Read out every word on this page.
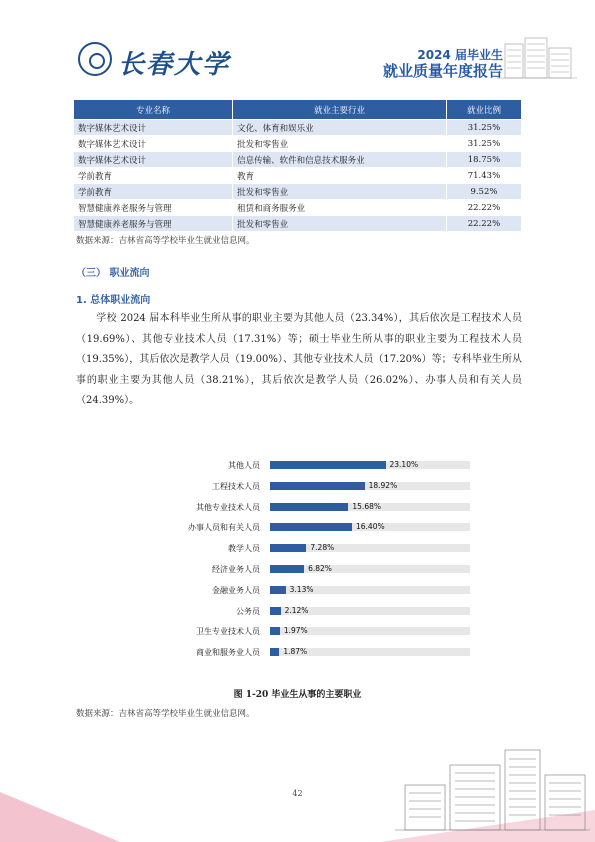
长春大学	2024 届毕业生
就业质量年度报告
专业名称	就业主要行业	就业比例
数字媒体艺术设计	文化、体育和娱乐业	31.25%
数字媒体艺术设计	批发和零售业	31.25%
数字媒体艺术设计	信息传输、软件和信息技术服务业	18.75%
学前教育	教育	71.43%
学前教育	批发和零售业	9.52%
智慧健康养老服务与管理	租赁和商务服务业	22.22%
智慧健康养老服务与管理	批发和零售业	22.22%
数据来源：吉林省高等学校毕业生就业信息网。
（三） 职业流向
1. 总体职业流向
学校 2024 届本科毕业生所从事的职业主要为其他人员（23.34%），其后依次是工程技术人员（19.69%）、其他专业技术人员（17.31%）等；硕士毕业生所从事的职业主要为工程技术人员（19.35%），其后依次是教学人员（19.00%）、其他专业技术人员（17.20%）等；专科毕业生所从事的职业主要为其他人员（38.21%），其后依次是教学人员（26.02%）、办事人员和有关人员（24.39%）。
其他人员	23.10%
工程技术人员	18.92%
其他专业技术人员	15.68%
办事人员和有关人员	16.40%
教学人员	7.28%
经济业务人员	6.82%
金融业务人员	3.13%
公务员	2.12%
卫生专业技术人员	1.97%
商业和服务业人员	1.87%
图 1-20 毕业生从事的主要职业
数据来源：吉林省高等学校毕业生就业信息网。
42
